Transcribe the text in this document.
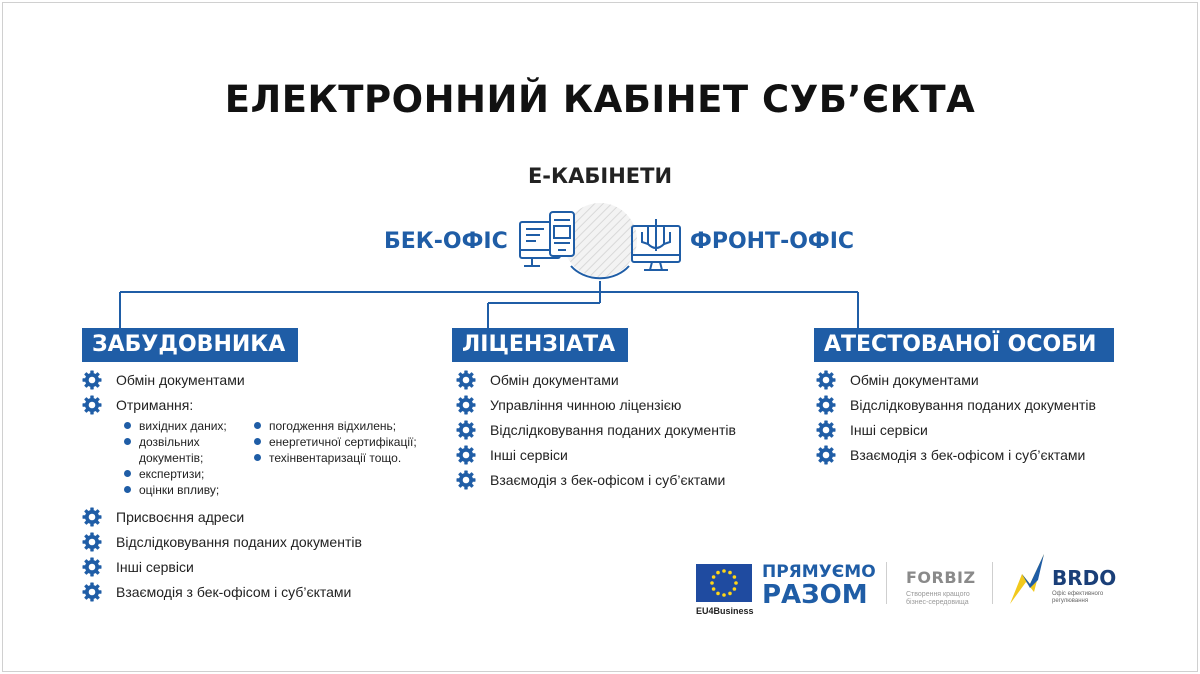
ЕЛЕКТРОННИЙ КАБІНЕТ СУБ’ЄКТА
Е-КАБІНЕТИ
БЕК-ОФІС	ФРОНТ-ОФІС
ЗАБУДОВНИКА	ЛІЦЕНЗІАТА	АТЕСТОВАНОЇ ОСОБИ
Обмін документами
Отримання:
вихідних даних;
дозвільних документів;
експертизи;
оцінки впливу;
погодження відхилень;
енергетичної сертифікації;
техінвентаризації тощо.
Присвоєння адреси
Відслідковування поданих документів
Інші сервіси
Взаємодія з бек-офісом і суб’єктами
Обмін документами
Управління чинною ліцензією
Відслідковування поданих документів
Інші сервіси
Взаємодія з бек-офісом і суб’єктами
Обмін документами
Відслідковування поданих документів
Інші сервіси
Взаємодія з бек-офісом і суб’єктами
EU4Business
ПРЯМУЄМО
РАЗОМ
FORBIZ
Створення кращого бізнес-середовища
BRDO
Офіс ефективного регулювання
